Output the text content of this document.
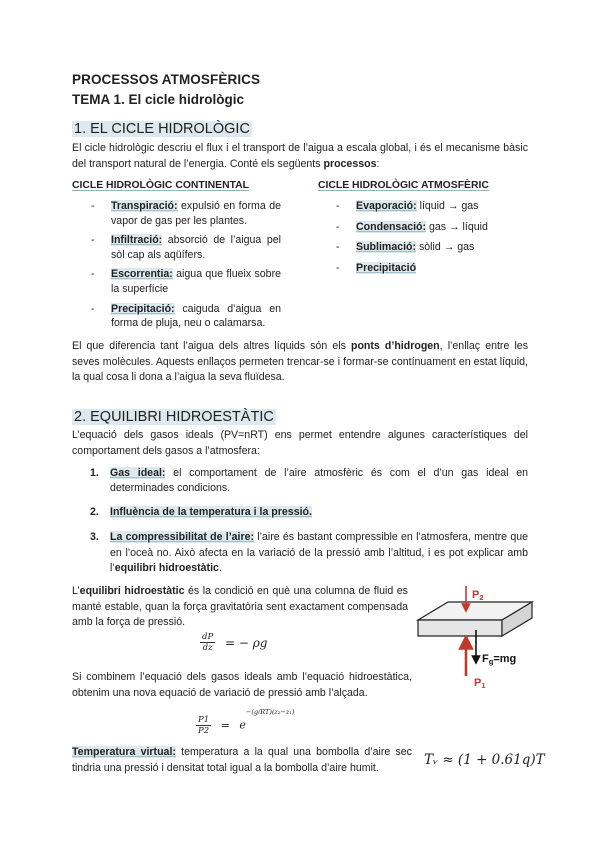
PROCESSOS ATMOSFÈRICS
TEMA 1. El cicle hidrològic
1. EL CICLE HIDROLÒGIC
El cicle hidrològic descriu el flux i el transport de l’aigua a escala global, i és el mecanisme bàsic del transport natural de l’energia. Conté els següents processos:
CICLE HIDROLÒGIC CONTINENTAL
- Transpiració: expulsió en forma de vapor de gas per les plantes.
- Infiltració: absorció de l’aigua pel sòl cap als aqüífers.
- Escorrentia: aigua que flueix sobre la superfície
- Precipitació: caiguda d’aigua en forma de pluja, neu o calamarsa.
CICLE HIDROLÒGIC ATMOSFÈRIC
- Evaporació: líquid → gas
- Condensació: gas → líquid
- Sublimació: sòlid → gas
- Precipitació
El que diferencia tant l’aigua dels altres líquids són els ponts d’hidrogen, l’enllaç entre les seves molècules. Aquests enllaços permeten trencar-se i formar-se contínuament en estat líquid, la qual cosa li dona a l’aigua la seva fluïdesa.
2. EQUILIBRI HIDROESTÀTIC
L’equació dels gasos ideals (PV=nRT) ens permet entendre algunes característiques del comportament dels gasos a l’atmosfera:
1. Gas ideal: el comportament de l’aire atmosfèric és com el d’un gas ideal en determinades condicions.
2. Influència de la temperatura i la pressió.
3. La compressibilitat de l’aire: l’aire és bastant compressible en l’atmosfera, mentre que en l’oceà no. Això afecta en la variació de la pressió amb l’altitud, i es pot explicar amb l’equilibri hidroestàtic.
L’equilibri hidroestàtic és la condició en què una columna de fluid es manté estable, quan la força gravitatòria sent exactament compensada amb la força de pressió.
$\frac{dP}{dz}$ = − ρg
Si combinem l’equació dels gasos ideals amb l’equació hidroestàtica, obtenim una nova equació de variació de pressió amb l’alçada.
$\frac{P1}{P2} = e^{-(g/RT)(z_2-z_1)}$
Temperatura virtual: temperatura a la qual una bombolla d’aire sec tindria una pressió i densitat total igual a la bombolla d’aire humit.	Tᵥ ≈ (1 + 0.61q)T
P2
Fg=mg
P1
